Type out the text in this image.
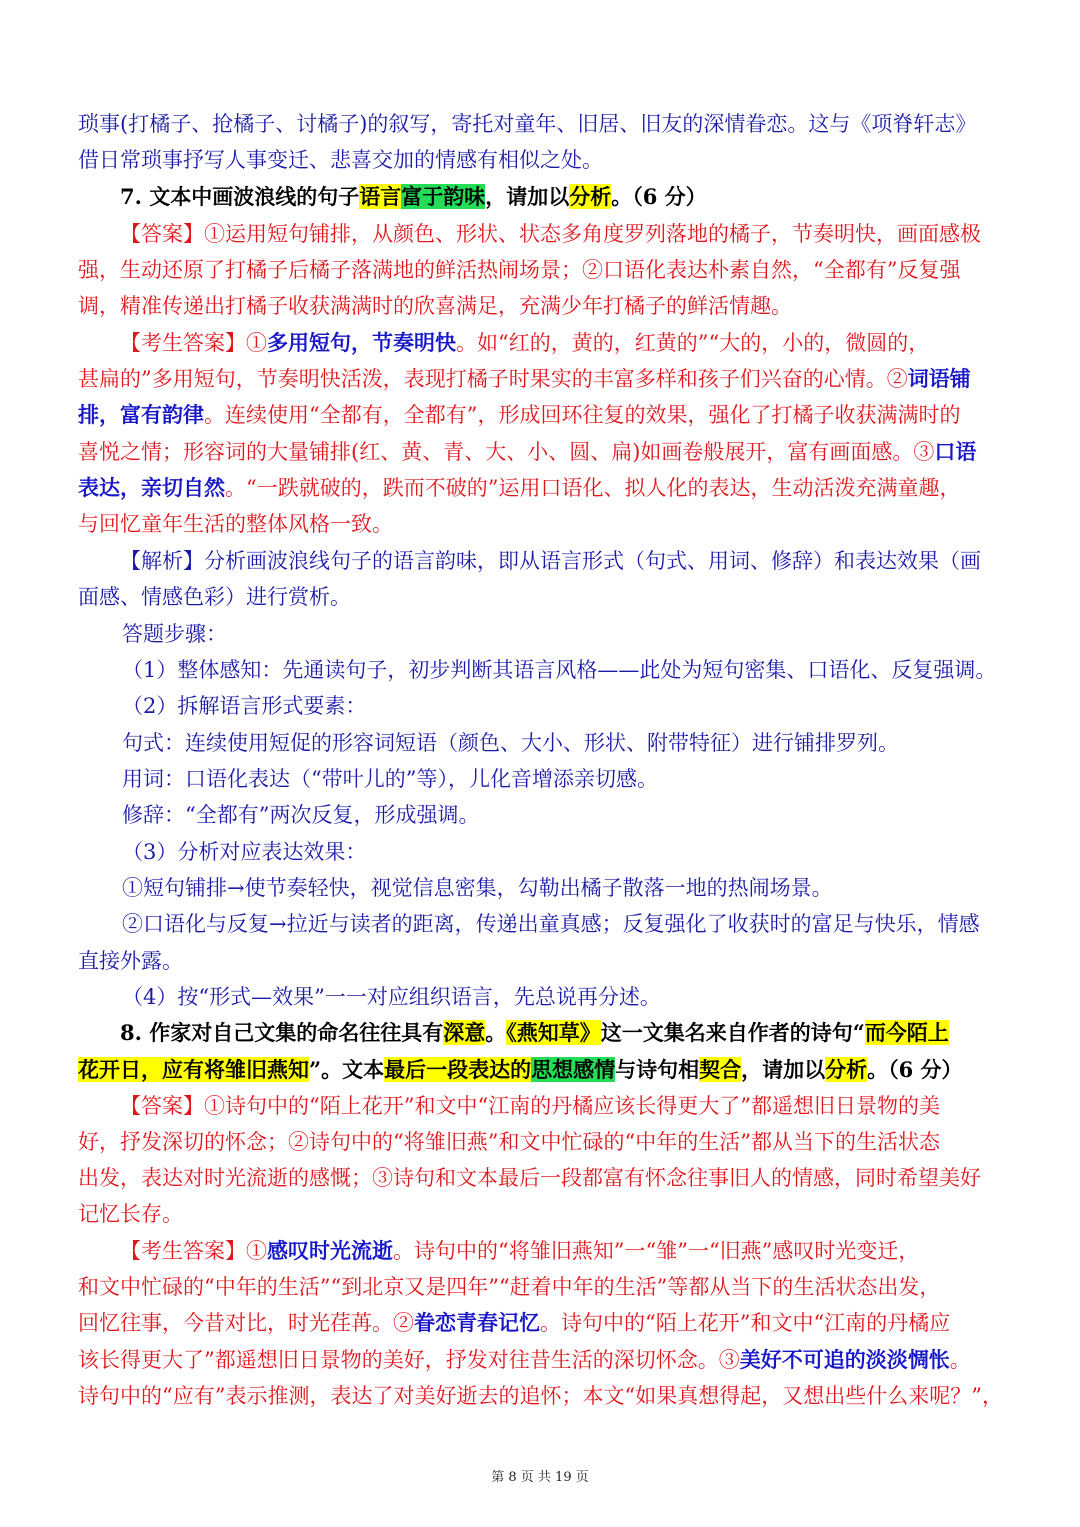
琐事(打橘子、抢橘子、讨橘子)的叙写，寄托对童年、旧居、旧友的深情眷恋。这与《项脊轩志》
借日常琐事抒写人事变迁、悲喜交加的情感有相似之处。
7. 文本中画波浪线的句子语言富于韵味，请加以分析。（6 分）
【答案】①运用短句铺排，从颜色、形状、状态多角度罗列落地的橘子，节奏明快，画面感极
强，生动还原了打橘子后橘子落满地的鲜活热闹场景；②口语化表达朴素自然，“全都有”反复强
调，精准传递出打橘子收获满满时的欣喜满足，充满少年打橘子的鲜活情趣。
【考生答案】①多用短句，节奏明快。如“红的，黄的，红黄的”“大的，小的，微圆的，
甚扁的”多用短句，节奏明快活泼，表现打橘子时果实的丰富多样和孩子们兴奋的心情。②词语铺
排，富有韵律。连续使用“全都有，全都有”，形成回环往复的效果，强化了打橘子收获满满时的
喜悦之情；形容词的大量铺排(红、黄、青、大、小、圆、扁)如画卷般展开，富有画面感。③口语
表达，亲切自然。“一跌就破的，跌而不破的”运用口语化、拟人化的表达，生动活泼充满童趣，
与回忆童年生活的整体风格一致。
【解析】分析画波浪线句子的语言韵味，即从语言形式（句式、用词、修辞）和表达效果（画
面感、情感色彩）进行赏析。
答题步骤：
（1）整体感知：先通读句子，初步判断其语言风格——此处为短句密集、口语化、反复强调。
（2）拆解语言形式要素：
句式：连续使用短促的形容词短语（颜色、大小、形状、附带特征）进行铺排罗列。
用词：口语化表达（“带叶儿的”等），儿化音增添亲切感。
修辞：“全都有”两次反复，形成强调。
（3）分析对应表达效果：
①短句铺排→使节奏轻快，视觉信息密集，勾勒出橘子散落一地的热闹场景。
②口语化与反复→拉近与读者的距离，传递出童真感；反复强化了收获时的富足与快乐，情感
直接外露。
（4）按“形式—效果”一一对应组织语言，先总说再分述。
8. 作家对自己文集的命名往往具有深意。《燕知草》这一文集名来自作者的诗句“而今陌上
花开日，应有将雏旧燕知”。文本最后一段表达的思想感情与诗句相契合，请加以分析。（6 分）
【答案】①诗句中的“陌上花开”和文中“江南的丹橘应该长得更大了”都遥想旧日景物的美
好，抒发深切的怀念；②诗句中的“将雏旧燕”和文中忙碌的“中年的生活”都从当下的生活状态
出发，表达对时光流逝的感慨；③诗句和文本最后一段都富有怀念往事旧人的情感，同时希望美好
记忆长存。
【考生答案】①感叹时光流逝。诗句中的“将雏旧燕知”一“雏”一“旧燕”感叹时光变迁，
和文中忙碌的“中年的生活”“到北京又是四年”“赶着中年的生活”等都从当下的生活状态出发，
回忆往事，今昔对比，时光荏苒。②眷恋青春记忆。诗句中的“陌上花开”和文中“江南的丹橘应
该长得更大了”都遥想旧日景物的美好，抒发对往昔生活的深切怀念。③美好不可追的淡淡惆怅。
诗句中的“应有”表示推测，表达了对美好逝去的追怀；本文“如果真想得起，又想出些什么来呢？”，
第 8 页 共 19 页
